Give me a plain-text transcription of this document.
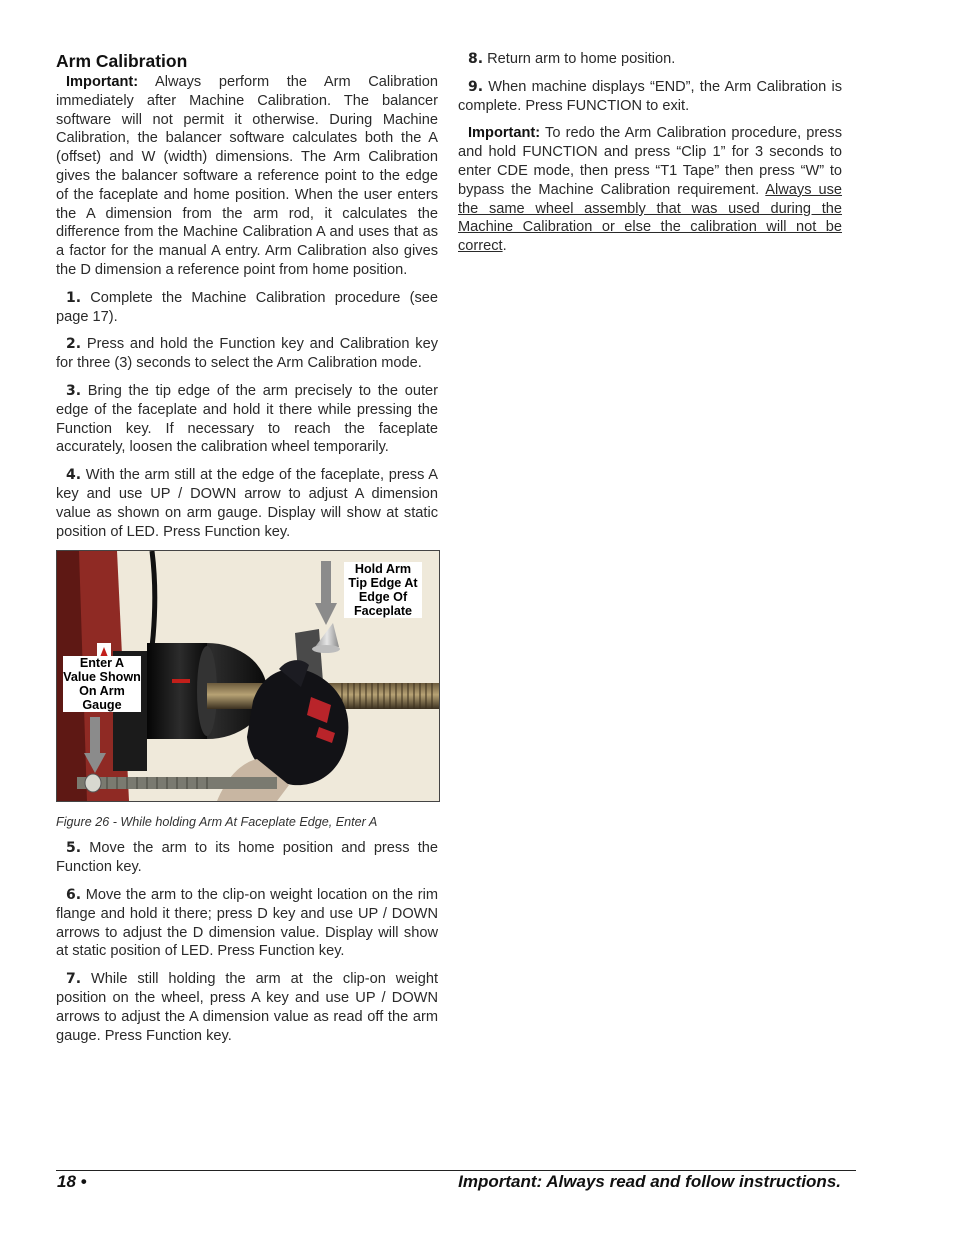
Arm Calibration

Important: Always perform the Arm Calibration immediately after Machine Calibration. The balancer software will not permit it otherwise. During Machine Calibration, the balancer software calculates both the A (offset) and W (width) dimensions. The Arm Calibration gives the balancer software a reference point to the edge of the faceplate and home position. When the user enters the A dimension from the arm rod, it calculates the difference from the Machine Calibration A and uses that as a factor for the manual A entry. Arm Calibration also gives the D dimension a reference point from home position.

1. Complete the Machine Calibration procedure (see page 17).

2. Press and hold the Function key and Calibration key for three (3) seconds to select the Arm Calibration mode.

3. Bring the tip edge of the arm precisely to the outer edge of the faceplate and hold it there while pressing the Function key. If necessary to reach the faceplate accurately, loosen the calibration wheel temporarily.

4. With the arm still at the edge of the faceplate, press A key and use UP / DOWN arrow to adjust A dimension value as shown on arm gauge. Display will show at static position of LED. Press Function key.

Hold Arm Tip Edge At Edge Of Faceplate
Enter A Value Shown On Arm Gauge

Figure 26 - While holding Arm At Faceplate Edge, Enter A

5. Move the arm to its home position and press the Function key.

6. Move the arm to the clip-on weight location on the rim flange and hold it there; press D key and use UP / DOWN arrows to adjust the D dimension value. Display will show at static position of LED. Press Function key.

7. While still holding the arm at the clip-on weight position on the wheel, press A key and use UP / DOWN arrows to adjust the A dimension value as read off the arm gauge. Press Function key.

8. Return arm to home position.

9. When machine displays “END”, the Arm Calibration is complete. Press FUNCTION to exit.

Important: To redo the Arm Calibration procedure, press and hold FUNCTION and press “Clip 1” for 3 seconds to enter CDE mode, then press “T1 Tape” then press “W” to bypass the Machine Calibration requirement. Always use the same wheel assembly that was used during the Machine Calibration or else the calibration will not be correct.

18 •	Important: Always read and follow instructions.
